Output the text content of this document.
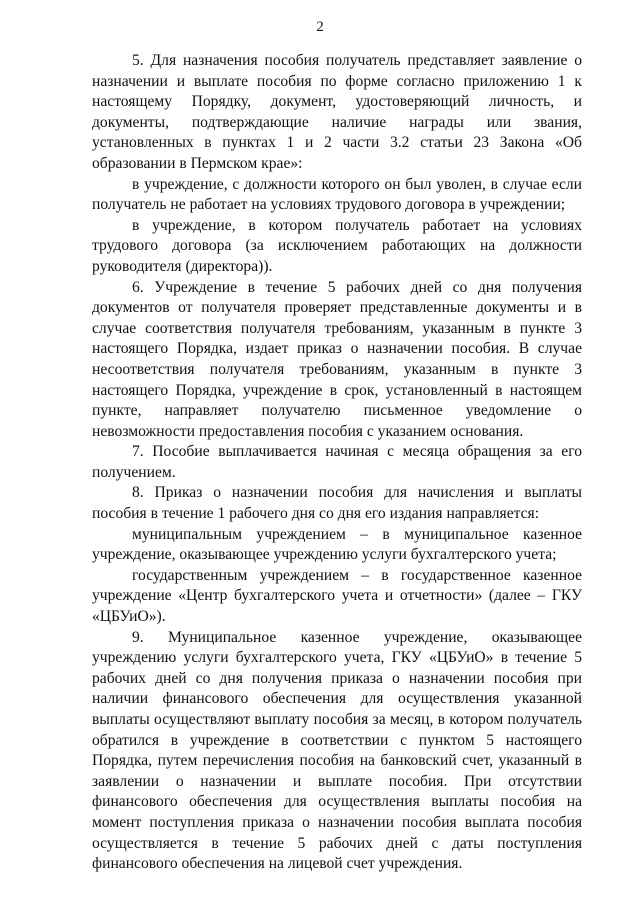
2

5. Для назначения пособия получатель представляет заявление о назначении и выплате пособия по форме согласно приложению 1 к настоящему Порядку, документ, удостоверяющий личность, и документы, подтверждающие наличие награды или звания, установленных в пунктах 1 и 2 части 3.2 статьи 23 Закона «Об образовании в Пермском крае»:

в учреждение, с должности которого он был уволен, в случае если получатель не работает на условиях трудового договора в учреждении;

в учреждение, в котором получатель работает на условиях трудового договора (за исключением работающих на должности руководителя (директора)).

6. Учреждение в течение 5 рабочих дней со дня получения документов от получателя проверяет представленные документы и в случае соответствия получателя требованиям, указанным в пункте 3 настоящего Порядка, издает приказ о назначении пособия. В случае несоответствия получателя требованиям, указанным в пункте 3 настоящего Порядка, учреждение в срок, установленный в настоящем пункте, направляет получателю письменное уведомление о невозможности предоставления пособия с указанием основания.

7. Пособие выплачивается начиная с месяца обращения за его получением.

8. Приказ о назначении пособия для начисления и выплаты пособия в течение 1 рабочего дня со дня его издания направляется:

муниципальным учреждением – в муниципальное казенное учреждение, оказывающее учреждению услуги бухгалтерского учета;

государственным учреждением – в государственное казенное учреждение «Центр бухгалтерского учета и отчетности» (далее – ГКУ «ЦБУиО»).

9. Муниципальное казенное учреждение, оказывающее учреждению услуги бухгалтерского учета, ГКУ «ЦБУиО» в течение 5 рабочих дней со дня получения приказа о назначении пособия при наличии финансового обеспечения для осуществления указанной выплаты осуществляют выплату пособия за месяц, в котором получатель обратился в учреждение в соответствии с пунктом 5 настоящего Порядка, путем перечисления пособия на банковский счет, указанный в заявлении о назначении и выплате пособия. При отсутствии финансового обеспечения для осуществления выплаты пособия на момент поступления приказа о назначении пособия выплата пособия осуществляется в течение 5 рабочих дней с даты поступления финансового обеспечения на лицевой счет учреждения.
